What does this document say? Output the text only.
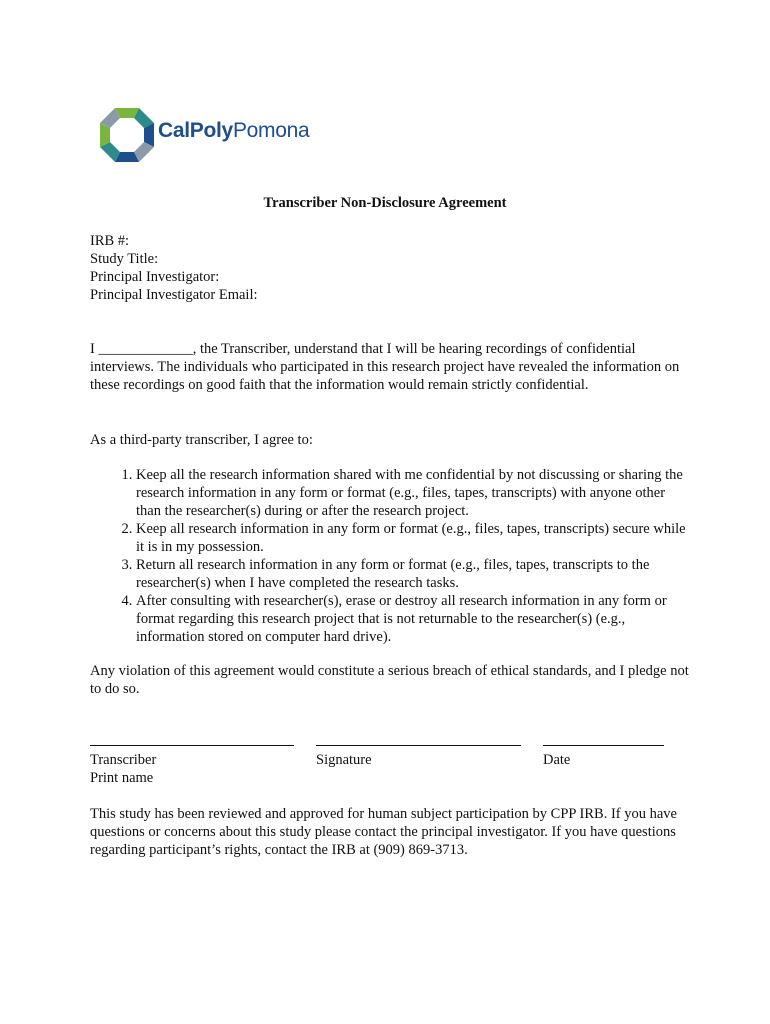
CalPolyPomona
Transcriber Non-Disclosure Agreement
IRB #:
Study Title:
Principal Investigator:
Principal Investigator Email:
I _____________, the Transcriber, understand that I will be hearing recordings of confidential interviews. The individuals who participated in this research project have revealed the information on these recordings on good faith that the information would remain strictly confidential.
As a third-party transcriber, I agree to:
1. Keep all the research information shared with me confidential by not discussing or sharing the research information in any form or format (e.g., files, tapes, transcripts) with anyone other than the researcher(s) during or after the research project.
2. Keep all research information in any form or format (e.g., files, tapes, transcripts) secure while it is in my possession.
3. Return all research information in any form or format (e.g., files, tapes, transcripts to the researcher(s) when I have completed the research tasks.
4. After consulting with researcher(s), erase or destroy all research information in any form or format regarding this research project that is not returnable to the researcher(s) (e.g., information stored on computer hard drive).
Any violation of this agreement would constitute a serious breach of ethical standards, and I pledge not to do so.
Transcriber
Print name
Signature	Date
This study has been reviewed and approved for human subject participation by CPP IRB. If you have questions or concerns about this study please contact the principal investigator. If you have questions regarding participant’s rights, contact the IRB at (909) 869-3713.
